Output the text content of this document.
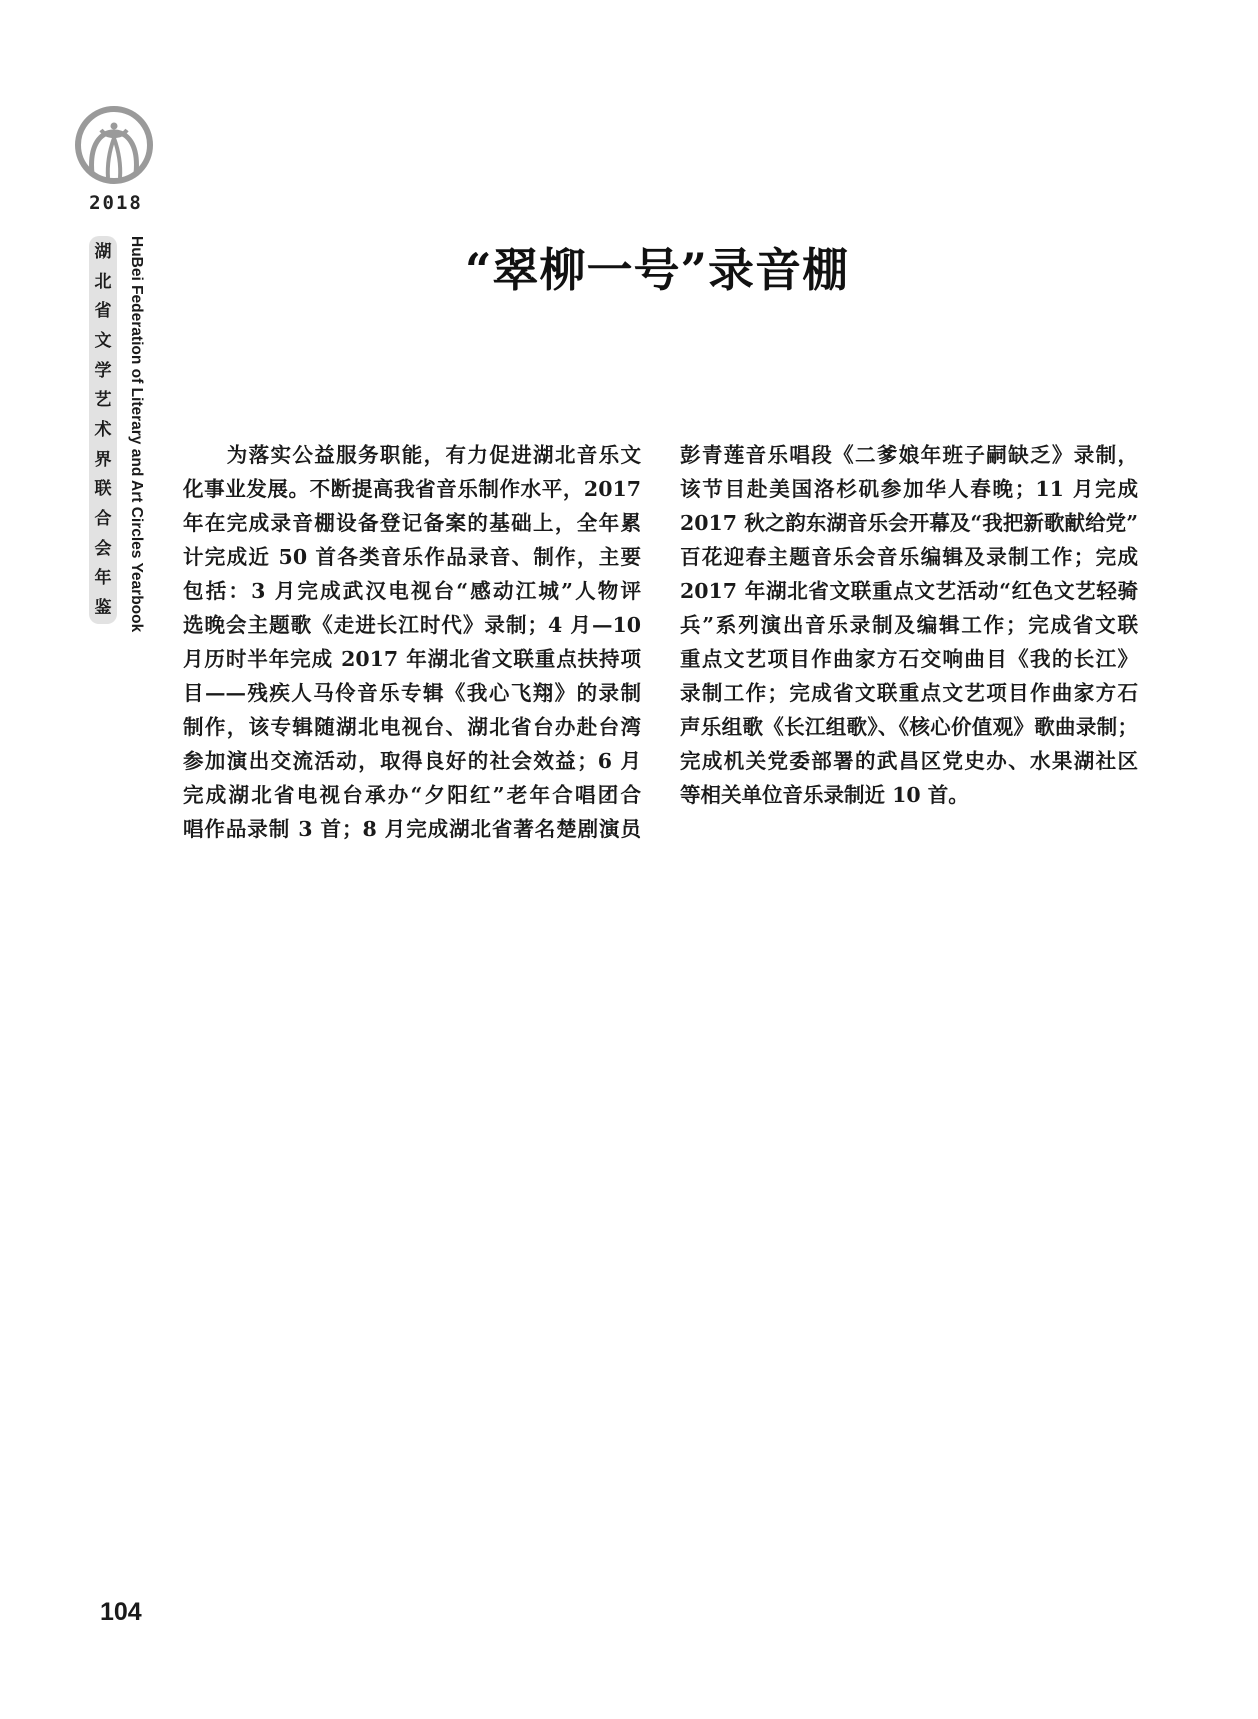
2018
湖
北
省
文
学
艺
术
界
联
合
会
年
鉴 HuBei Federation of Literary and Art Circles Yearbook	“翠柳一号”录音棚
　　为落实公益服务职能，有力促进湖北音乐文
化事业发展。不断提高我省音乐制作水平，2017
年在完成录音棚设备登记备案的基础上，全年累
计完成近 50 首各类音乐作品录音、制作，主要
包括：3 月完成武汉电视台“感动江城”人物评
选晚会主题歌《走进长江时代》录制；4 月—10
月历时半年完成 2017 年湖北省文联重点扶持项
目——残疾人马伶音乐专辑《我心飞翔》的录制
制作，该专辑随湖北电视台、湖北省台办赴台湾
参加演出交流活动，取得良好的社会效益；6 月
完成湖北省电视台承办“夕阳红”老年合唱团合
唱作品录制 3 首；8 月完成湖北省著名楚剧演员
彭青莲音乐唱段《二爹娘年班子嗣缺乏》录制，
该节目赴美国洛杉矶参加华人春晚；11 月完成
2017 秋之韵东湖音乐会开幕及“我把新歌献给党”
百花迎春主题音乐会音乐编辑及录制工作；完成
2017 年湖北省文联重点文艺活动“红色文艺轻骑
兵”系列演出音乐录制及编辑工作；完成省文联
重点文艺项目作曲家方石交响曲目《我的长江》
录制工作；完成省文联重点文艺项目作曲家方石
声乐组歌《长江组歌》、《核心价值观》歌曲录制；
完成机关党委部署的武昌区党史办、水果湖社区
等相关单位音乐录制近 10 首。
104
